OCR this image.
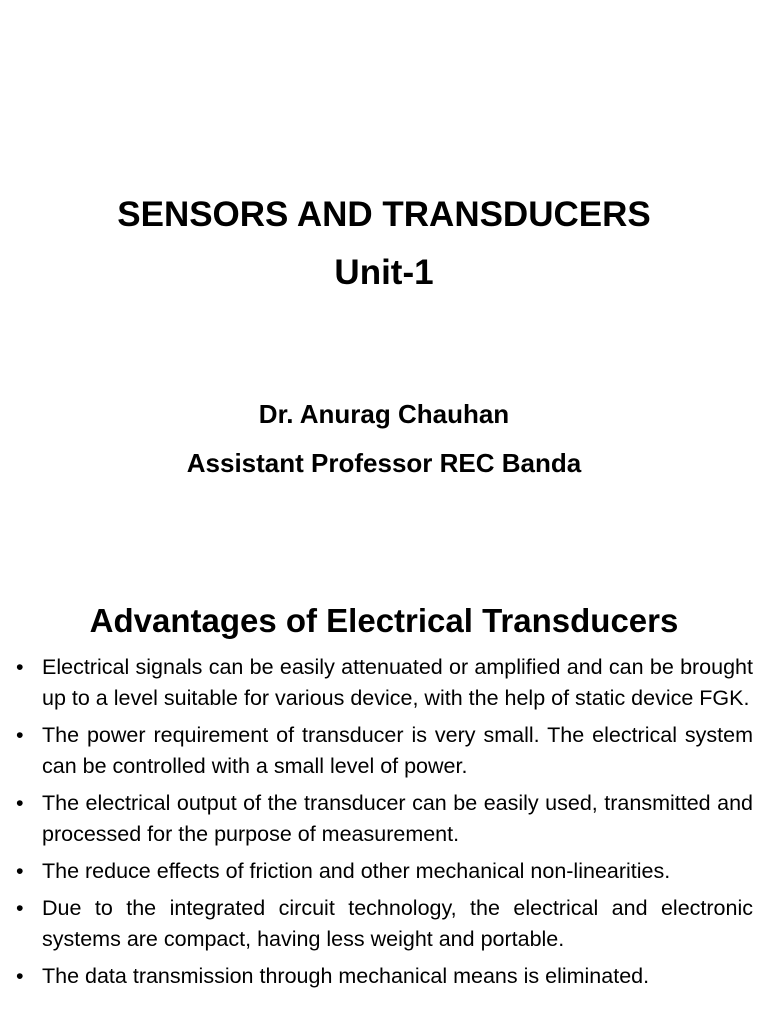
SENSORS AND TRANSDUCERS
Unit-1
Dr. Anurag Chauhan
Assistant Professor REC Banda
Advantages of Electrical Transducers
• Electrical signals can be easily attenuated or amplified and can be brought up to a level suitable for various device, with the help of static device FGK.
• The power requirement of transducer is very small. The electrical system can be controlled with a small level of power.
• The electrical output of the transducer can be easily used, transmitted and processed for the purpose of measurement.
• The reduce effects of friction and other mechanical non-linearities.
• Due to the integrated circuit technology, the electrical and electronic systems are compact, having less weight and portable.
• The data transmission through mechanical means is eliminated.
